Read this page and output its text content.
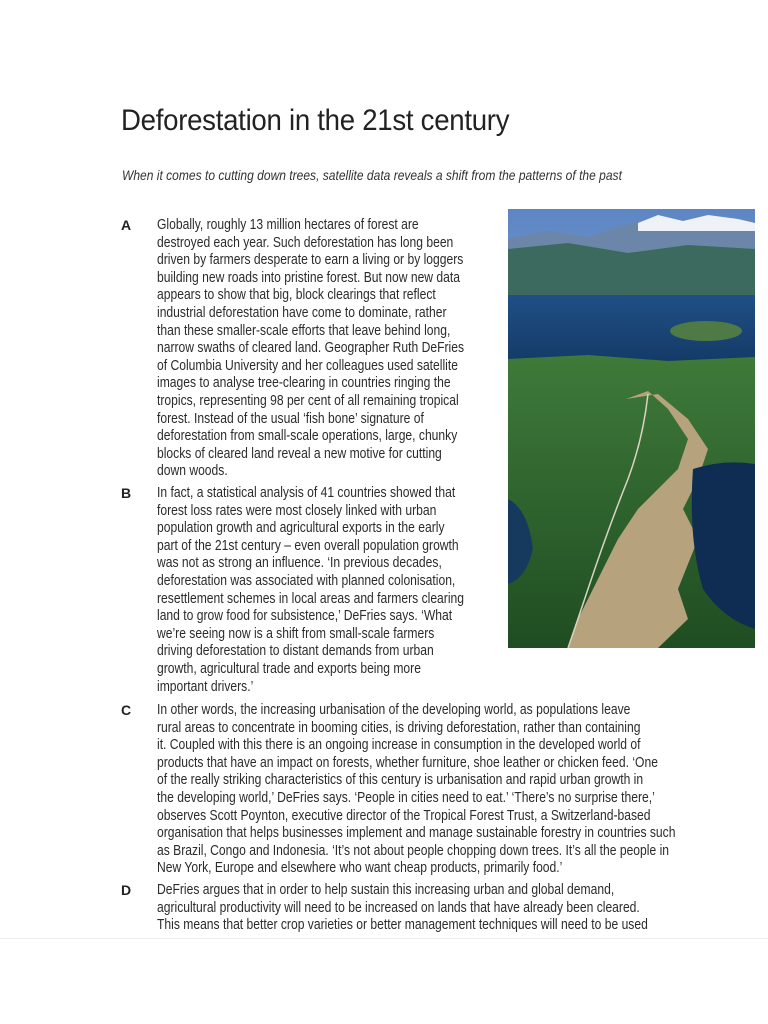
Deforestation in the 21st century
When it comes to cutting down trees, satellite data reveals a shift from the patterns of the past
A Globally, roughly 13 million hectares of forest are
destroyed each year. Such deforestation has long been
driven by farmers desperate to earn a living or by loggers
building new roads into pristine forest. But now new data
appears to show that big, block clearings that reflect
industrial deforestation have come to dominate, rather
than these smaller-scale efforts that leave behind long,
narrow swaths of cleared land. Geographer Ruth DeFries
of Columbia University and her colleagues used satellite
images to analyse tree-clearing in countries ringing the
tropics, representing 98 per cent of all remaining tropical
forest. Instead of the usual ‘fish bone’ signature of
deforestation from small-scale operations, large, chunky
blocks of cleared land reveal a new motive for cutting
down woods.
B In fact, a statistical analysis of 41 countries showed that
forest loss rates were most closely linked with urban
population growth and agricultural exports in the early
part of the 21st century – even overall population growth
was not as strong an influence. ‘In previous decades,
deforestation was associated with planned colonisation,
resettlement schemes in local areas and farmers clearing
land to grow food for subsistence,’ DeFries says. ‘What
we’re seeing now is a shift from small-scale farmers
driving deforestation to distant demands from urban
growth, agricultural trade and exports being more
important drivers.’
C In other words, the increasing urbanisation of the developing world, as populations leave
rural areas to concentrate in booming cities, is driving deforestation, rather than containing
it. Coupled with this there is an ongoing increase in consumption in the developed world of
products that have an impact on forests, whether furniture, shoe leather or chicken feed. ‘One
of the really striking characteristics of this century is urbanisation and rapid urban growth in
the developing world,’ DeFries says. ‘People in cities need to eat.’ ‘There’s no surprise there,’
observes Scott Poynton, executive director of the Tropical Forest Trust, a Switzerland-based
organisation that helps businesses implement and manage sustainable forestry in countries such
as Brazil, Congo and Indonesia. ‘It’s not about people chopping down trees. It’s all the people in
New York, Europe and elsewhere who want cheap products, primarily food.’
D DeFries argues that in order to help sustain this increasing urban and global demand,
agricultural productivity will need to be increased on lands that have already been cleared.
This means that better crop varieties or better management techniques will need to be used
